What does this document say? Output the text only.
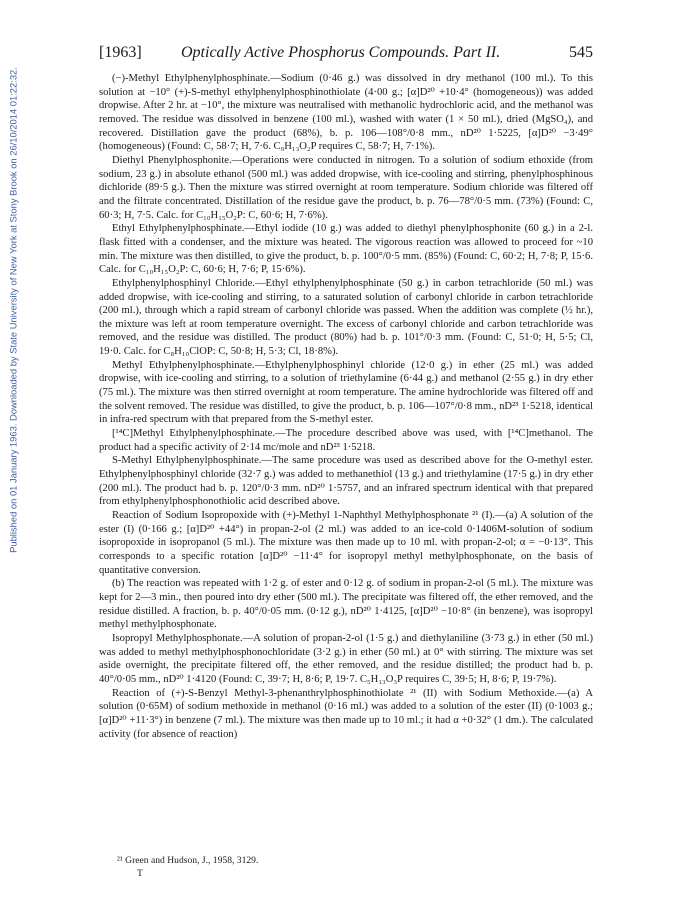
Published on 01 January 1963. Downloaded by State University of New York at Stony Brook on 26/10/2014 01:22:32.
[1963] Optically Active Phosphorus Compounds. Part II.	545

(−)-Methyl Ethylphenylphosphinate.—Sodium (0·46 g.) was dissolved in dry methanol (100 ml.). To this solution at −10° (+)-S-methyl ethylphenylphosphinothiolate (4·00 g.; [α]D²⁰ +10·4° (homogeneous)) was added dropwise. After 2 hr. at −10°, the mixture was neutralised with methanolic hydrochloric acid, and the methanol was removed. The residue was dissolved in benzene (100 ml.), washed with water (1 × 50 ml.), dried (MgSO₄), and recovered. Distillation gave the product (68%), b. p. 106—108°/0·8 mm., nD²⁰ 1·5225, [α]D²⁰ −3·49° (homogeneous) (Found: C, 58·7; H, 7·6. C₉H₁₃O₂P requires C, 58·7; H, 7·1%).

Diethyl Phenylphosphonite.—Operations were conducted in nitrogen. To a solution of sodium ethoxide (from sodium, 23 g.) in absolute ethanol (500 ml.) was added dropwise, with ice-cooling and stirring, phenylphosphinous dichloride (89·5 g.). Then the mixture was stirred overnight at room temperature. Sodium chloride was filtered off and the filtrate concentrated. Distillation of the residue gave the product, b. p. 76—78°/0·5 mm. (73%) (Found: C, 60·3; H, 7·5. Calc. for C₁₀H₁₅O₂P: C, 60·6; H, 7·6%).

Ethyl Ethylphenylphosphinate.—Ethyl iodide (10 g.) was added to diethyl phenylphosphonite (60 g.) in a 2-l. flask fitted with a condenser, and the mixture was heated. The vigorous reaction was allowed to proceed for ~10 min. The mixture was then distilled, to give the product, b. p. 100°/0·5 mm. (85%) (Found: C, 60·2; H, 7·8; P, 15·6. Calc. for C₁₀H₁₅O₂P: C, 60·6; H, 7·6; P, 15·6%).

Ethylphenylphosphinyl Chloride.—Ethyl ethylphenylphosphinate (50 g.) in carbon tetrachloride (50 ml.) was added dropwise, with ice-cooling and stirring, to a saturated solution of carbonyl chloride in carbon tetrachloride (200 ml.), through which a rapid stream of carbonyl chloride was passed. When the addition was complete (½ hr.), the mixture was left at room temperature overnight. The excess of carbonyl chloride and carbon tetrachloride was removed, and the residue was distilled. The product (80%) had b. p. 101°/0·3 mm. (Found: C, 51·0; H, 5·5; Cl, 19·0. Calc. for C₈H₁₀ClOP: C, 50·8; H, 5·3; Cl, 18·8%).

Methyl Ethylphenylphosphinate.—Ethylphenylphosphinyl chloride (12·0 g.) in ether (25 ml.) was added dropwise, with ice-cooling and stirring, to a solution of triethylamine (6·44 g.) and methanol (2·55 g.) in dry ether (75 ml.). The mixture was then stirred overnight at room temperature. The amine hydrochloride was filtered off and the solvent removed. The residue was distilled, to give the product, b. p. 106—107°/0·8 mm., nD²³ 1·5218, identical in infra-red spectrum with that prepared from the S-methyl ester.

[¹⁴C]Methyl Ethylphenylphosphinate.—The procedure described above was used, with [¹⁴C]methanol. The product had a specific activity of 2·14 mc/mole and nD²³ 1·5218.

S-Methyl Ethylphenylphosphinate.—The same procedure was used as described above for the O-methyl ester. Ethylphenylphosphinyl chloride (32·7 g.) was added to methanethiol (13 g.) and triethylamine (17·5 g.) in dry ether (200 ml.). The product had b. p. 120°/0·3 mm. nD²⁰ 1·5757, and an infrared spectrum identical with that prepared from ethylphenylphosphonothiolic acid described above.

Reaction of Sodium Isopropoxide with (+)-Methyl 1-Naphthyl Methylphosphonate ²¹ (I).—(a) A solution of the ester (I) (0·166 g.; [α]D²⁰ +44°) in propan-2-ol (2 ml.) was added to an ice-cold 0·1406M-solution of sodium isopropoxide in isopropanol (5 ml.). The mixture was then made up to 10 ml. with propan-2-ol; α = −0·13°. This corresponds to a specific rotation [α]D²⁰ −11·4° for isopropyl methyl methylphosphonate, on the basis of quantitative conversion.

(b) The reaction was repeated with 1·2 g. of ester and 0·12 g. of sodium in propan-2-ol (5 ml.). The mixture was kept for 2—3 min., then poured into dry ether (500 ml.). The precipitate was filtered off, the ether removed, and the residue distilled. A fraction, b. p. 40°/0·05 mm. (0·12 g.), nD²⁰ 1·4125, [α]D²⁰ −10·8° (in benzene), was isopropyl methyl methylphosphonate.

Isopropyl Methylphosphonate.—A solution of propan-2-ol (1·5 g.) and diethylaniline (3·73 g.) in ether (50 ml.) was added to methyl methylphosphonochloridate (3·2 g.) in ether (50 ml.) at 0° with stirring. The mixture was set aside overnight, the precipitate filtered off, the ether removed, and the residue distilled; the product had b. p. 40°/0·05 mm., nD²⁰ 1·4120 (Found: C, 39·7; H, 8·6; P, 19·7. C₅H₁₃O₃P requires C, 39·5; H, 8·6; P, 19·7%).

Reaction of (+)-S-Benzyl Methyl-3-phenanthrylphosphinothiolate ²¹ (II) with Sodium Methoxide.—(a) A solution (0·65M) of sodium methoxide in methanol (0·16 ml.) was added to a solution of the ester (II) (0·1003 g.; [α]D²⁰ +11·3°) in benzene (7 ml.). The mixture was then made up to 10 ml.; it had α +0·32° (1 dm.). The calculated activity (for absence of reaction)

²¹ Green and Hudson, J., 1958, 3129.
T
